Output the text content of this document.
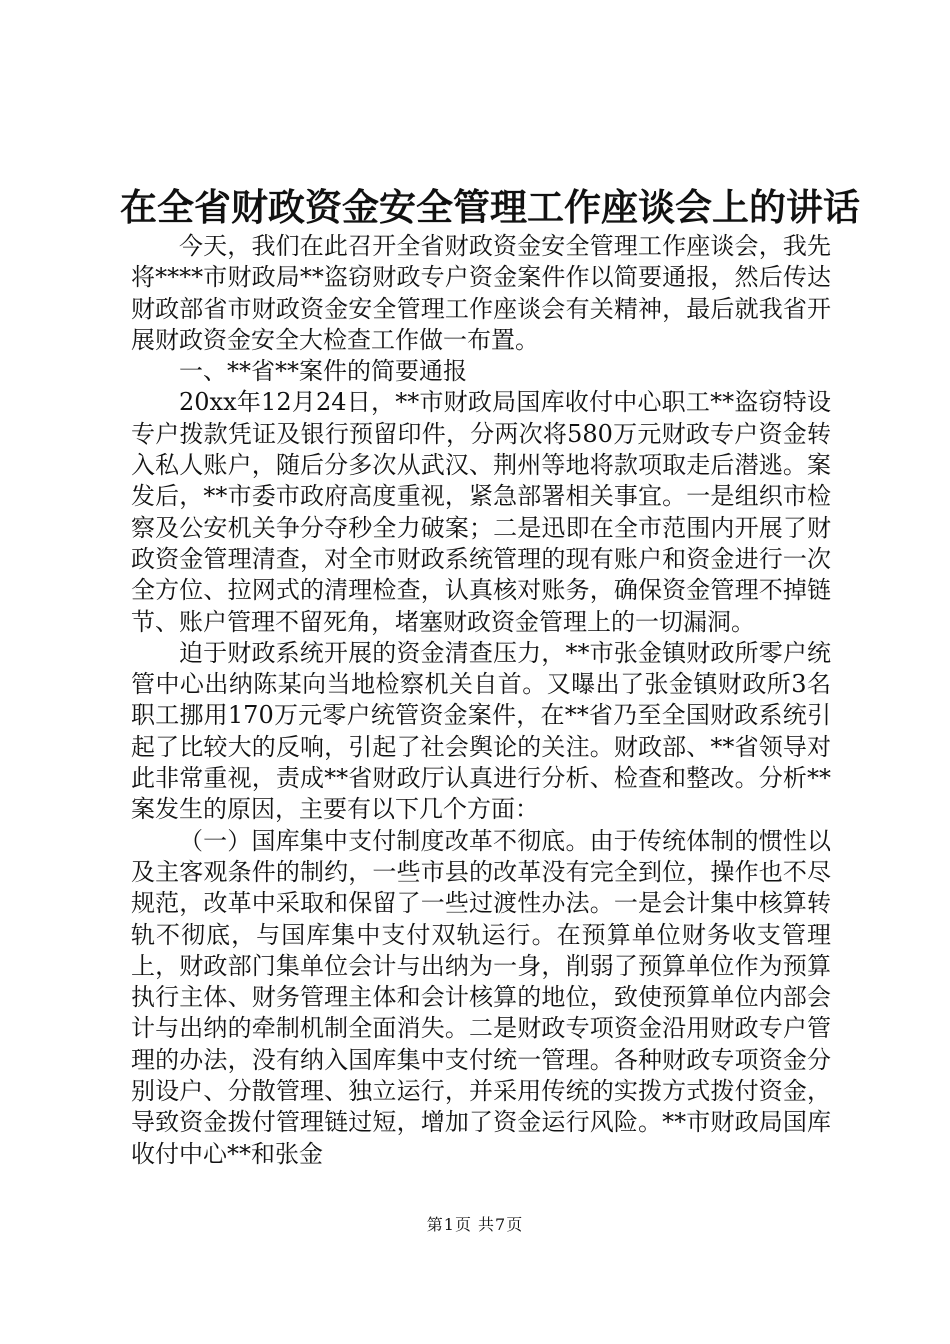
在全省财政资金安全管理工作座谈会上的讲话

今天，我们在此召开全省财政资金安全管理工作座谈会，我先将****市财政局**盗窃财政专户资金案件作以简要通报，然后传达财政部省市财政资金安全管理工作座谈会有关精神，最后就我省开展财政资金安全大检查工作做一布置。

一、**省**案件的简要通报

20xx年12月24日，**市财政局国库收付中心职工**盗窃特设专户拨款凭证及银行预留印件，分两次将580万元财政专户资金转入私人账户，随后分多次从武汉、荆州等地将款项取走后潜逃。案发后，**市委市政府高度重视，紧急部署相关事宜。一是组织市检察及公安机关争分夺秒全力破案；二是迅即在全市范围内开展了财政资金管理清查，对全市财政系统管理的现有账户和资金进行一次全方位、拉网式的清理检查，认真核对账务，确保资金管理不掉链节、账户管理不留死角，堵塞财政资金管理上的一切漏洞。

迫于财政系统开展的资金清查压力，**市张金镇财政所零户统管中心出纳陈某向当地检察机关自首。又曝出了张金镇财政所3名职工挪用170万元零户统管资金案件，在**省乃至全国财政系统引起了比较大的反响，引起了社会舆论的关注。财政部、**省领导对此非常重视，责成**省财政厅认真进行分析、检查和整改。分析**案发生的原因，主要有以下几个方面：

（一）国库集中支付制度改革不彻底。由于传统体制的惯性以及主客观条件的制约，一些市县的改革没有完全到位，操作也不尽规范，改革中采取和保留了一些过渡性办法。一是会计集中核算转轨不彻底，与国库集中支付双轨运行。在预算单位财务收支管理上，财政部门集单位会计与出纳为一身，削弱了预算单位作为预算执行主体、财务管理主体和会计核算的地位，致使预算单位内部会计与出纳的牵制机制全面消失。二是财政专项资金沿用财政专户管理的办法，没有纳入国库集中支付统一管理。各种财政专项资金分别设户、分散管理、独立运行，并采用传统的实拨方式拨付资金，导致资金拨付管理链过短，增加了资金运行风险。**市财政局国库收付中心**和张金

第1页 共7页
